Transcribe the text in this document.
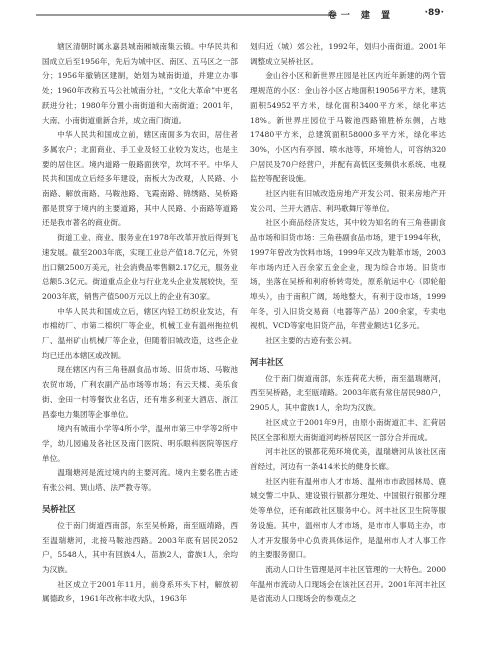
卷一 建 置	·89·

辖区清朝时属永嘉县城南厢城南集云镇。中华民共和国成立后至1956年，先后为城中区、南区、五马区之一部分；1956年撤销区建制，始划为城南街道，并建立办事处；1960年改称五马公社城南分社，“文化大革命”中更名跃进分社；1980年分置小南街道和大南街道；2001年，大南、小南街道重新合并，成立南门街道。

中华人民共和国成立前，辖区南面多为农田，居住者多属农户；北面商业、手工业及轻工业较为发达，也是主要的居住区。境内道路一般路面狭窄，坎坷不平。中华人民共和国成立后经多年建设，南板大为改观，人民路、小南路、解放南路、马鞍池路、飞霞南路、锦绣路、吴桥路都是贯穿于境内的主要道路，其中人民路、小南路等道路还是我市著名的商业街。

街道工业、商业、服务业在1978年改革开放后得到飞速发展。截至2003年底，实现工业总产值18.7亿元，外贸出口额2500万美元，社会消费品零售额2.17亿元，服务业总额5.3亿元。街道重点企业与行业龙头企业发展较快，至2003年底，销售产值500万元以上的企业有30家。

中华人民共和国成立后，辖区内轻工纺织业发达，有市棉纺厂、市第二棉织厂等企业，机械工业有温州拖拉机厂、温州矿山机械厂等企业，但随着旧城改造，这些企业均已迁出本辖区或改制。

现在辖区内有三角巷副食品市场、旧货市场、马鞍池农贸市场，广利农副产品市场等市场；有云天楼、美乐食街、金田一村等餐饮业名店，还有堆多利亚大酒店、浙江昌泰电力集团等企事单位。

境内有城南小学等4所小学，温州市第三中学等2所中学，幼儿园遍及各社区及南门医院、明乐眼科医院等医疗单位。

温瑞塘河是流过境内的主要河流。境内主要名胜古迹有张公祠、巽山塔、法严教寺等。

吴桥社区

位于南门街道西南部，东至吴桥路，南至瓯靖路，西至温瑞塘河，北接马鞍池西路。2003年底有居民2052户，5548人，其中有回族4人，苗族2人，畲族1人，余均为汉族。

社区成立于2001年11月，前身系环头下村，解放初属德政乡，1961年改称丰收大队，1963年

划归近（城）郊公社，1992年，划归小南街道。2001年调整成立吴桥社区。

金山谷小区和新世界庄园是社区内近年新建的两个管理规范的小区：金山谷小区占地面积19056平方米，建筑面积54952平方米，绿化面积3400平方米，绿化率达18%。新世界庄园位于马鞍池西路锦胜桥东侧，占地17480平方米，总建筑面积58000多平方米，绿化率达30%，小区内有亭园、喷水池等，环境怡人，可容纳320户居民及70户经营户，并配有高低区变频供水系统、电视监控等配套设施。

社区内驻有旧城改造房地产开发公司、银来房地产开发公司、兰开大酒店、利玛歌舞厅等单位。

社区小商品经济发达，其中较为知名的有三角巷副食品市场和旧货市场：三角巷副食品市场，建于1994年秋，1997年曾改为饮料市场，1999年又改为鞋革市场，2003年市场内迁入百余家五金企业，现为综合市场。旧货市场，坐落在吴桥和利府桥转弯处，原系航运中心（即轮船埠头），由于南积广阔，场地整大，有利于设市场，1999年冬，引入旧货交易商（电器等产品）200余家，专卖电视机、VCD等家电旧货产品，年营业额达1亿多元。

社区主要的古迹有张公祠。

河丰社区

位于南门街道南部，东连荷花大桥，南至温瑞塘河，西至吴桥路，北至瓯靖路。2003年底有常住居民980户，2905人，其中畲族1人，余均为汉族。

社区成立于2001年9月，由原小南街道汇丰、汇荷居民区全部和原大南街道河屿桥居民区一部分合并而成。

河丰社区的银都花苑环境优美，温瑞塘河从该社区南首经过，河边有一条414米长的健身长廊。

社区内驻有温州市人才市场、温州市市政园林局、鹿城交警二中队、建设银行银都分理处、中国银行银都分理处等单位，还有邮政社区服务中心。河丰社区卫生院等服务设施。其中，温州市人才市场，是市市人事局主办，市人才开发服务中心负责具体运作，是温州市人才人事工作的主要服务窗口。

流动人口计生管理是河丰社区管理的一大特色。2000年温州市流动人口现场会在该社区召开。2001年河丰社区是省流动人口现场会的参观点之
